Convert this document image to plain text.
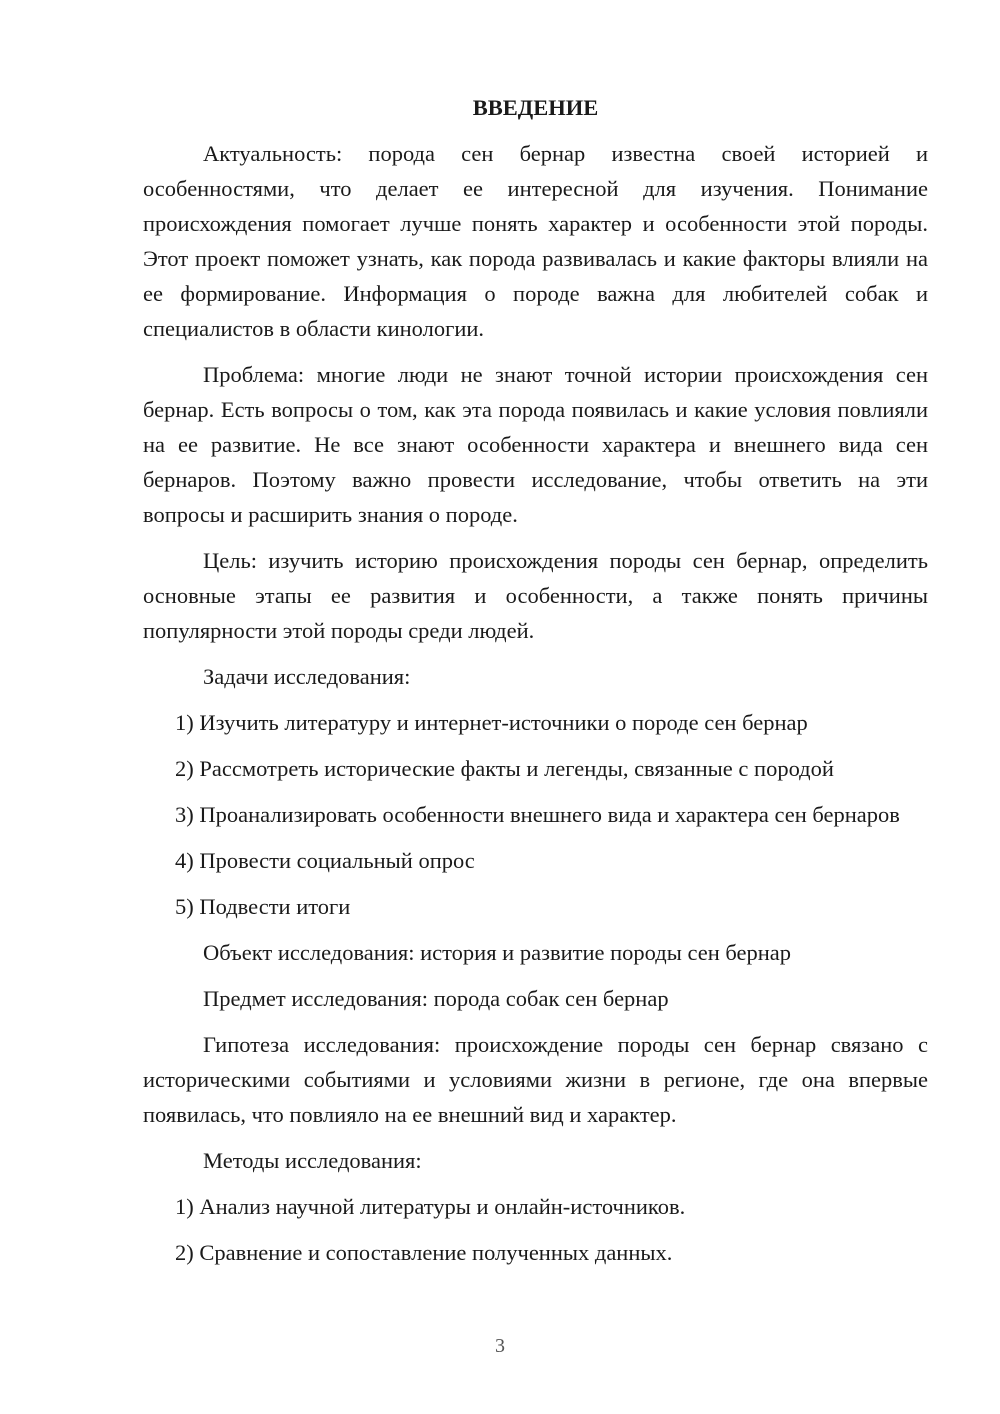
ВВЕДЕНИЕ

Актуальность: порода сен бернар известна своей историей и особенностями, что делает ее интересной для изучения. Понимание происхождения помогает лучше понять характер и особенности этой породы. Этот проект поможет узнать, как порода развивалась и какие факторы влияли на ее формирование. Информация о породе важна для любителей собак и специалистов в области кинологии.

Проблема: многие люди не знают точной истории происхождения сен бернар. Есть вопросы о том, как эта порода появилась и какие условия повлияли на ее развитие. Не все знают особенности характера и внешнего вида сен бернаров. Поэтому важно провести исследование, чтобы ответить на эти вопросы и расширить знания о породе.

Цель: изучить историю происхождения породы сен бернар, определить основные этапы ее развития и особенности, а также понять причины популярности этой породы среди людей.

Задачи исследования:

1) Изучить литературу и интернет-источники о породе сен бернар

2) Рассмотреть исторические факты и легенды, связанные с породой

3) Проанализировать особенности внешнего вида и характера сен бернаров

4) Провести социальный опрос

5) Подвести итоги

Объект исследования: история и развитие породы сен бернар

Предмет исследования: порода собак сен бернар

Гипотеза исследования: происхождение породы сен бернар связано с историческими событиями и условиями жизни в регионе, где она впервые появилась, что повлияло на ее внешний вид и характер.

Методы исследования:

1) Анализ научной литературы и онлайн-источников.

2) Сравнение и сопоставление полученных данных.

3
